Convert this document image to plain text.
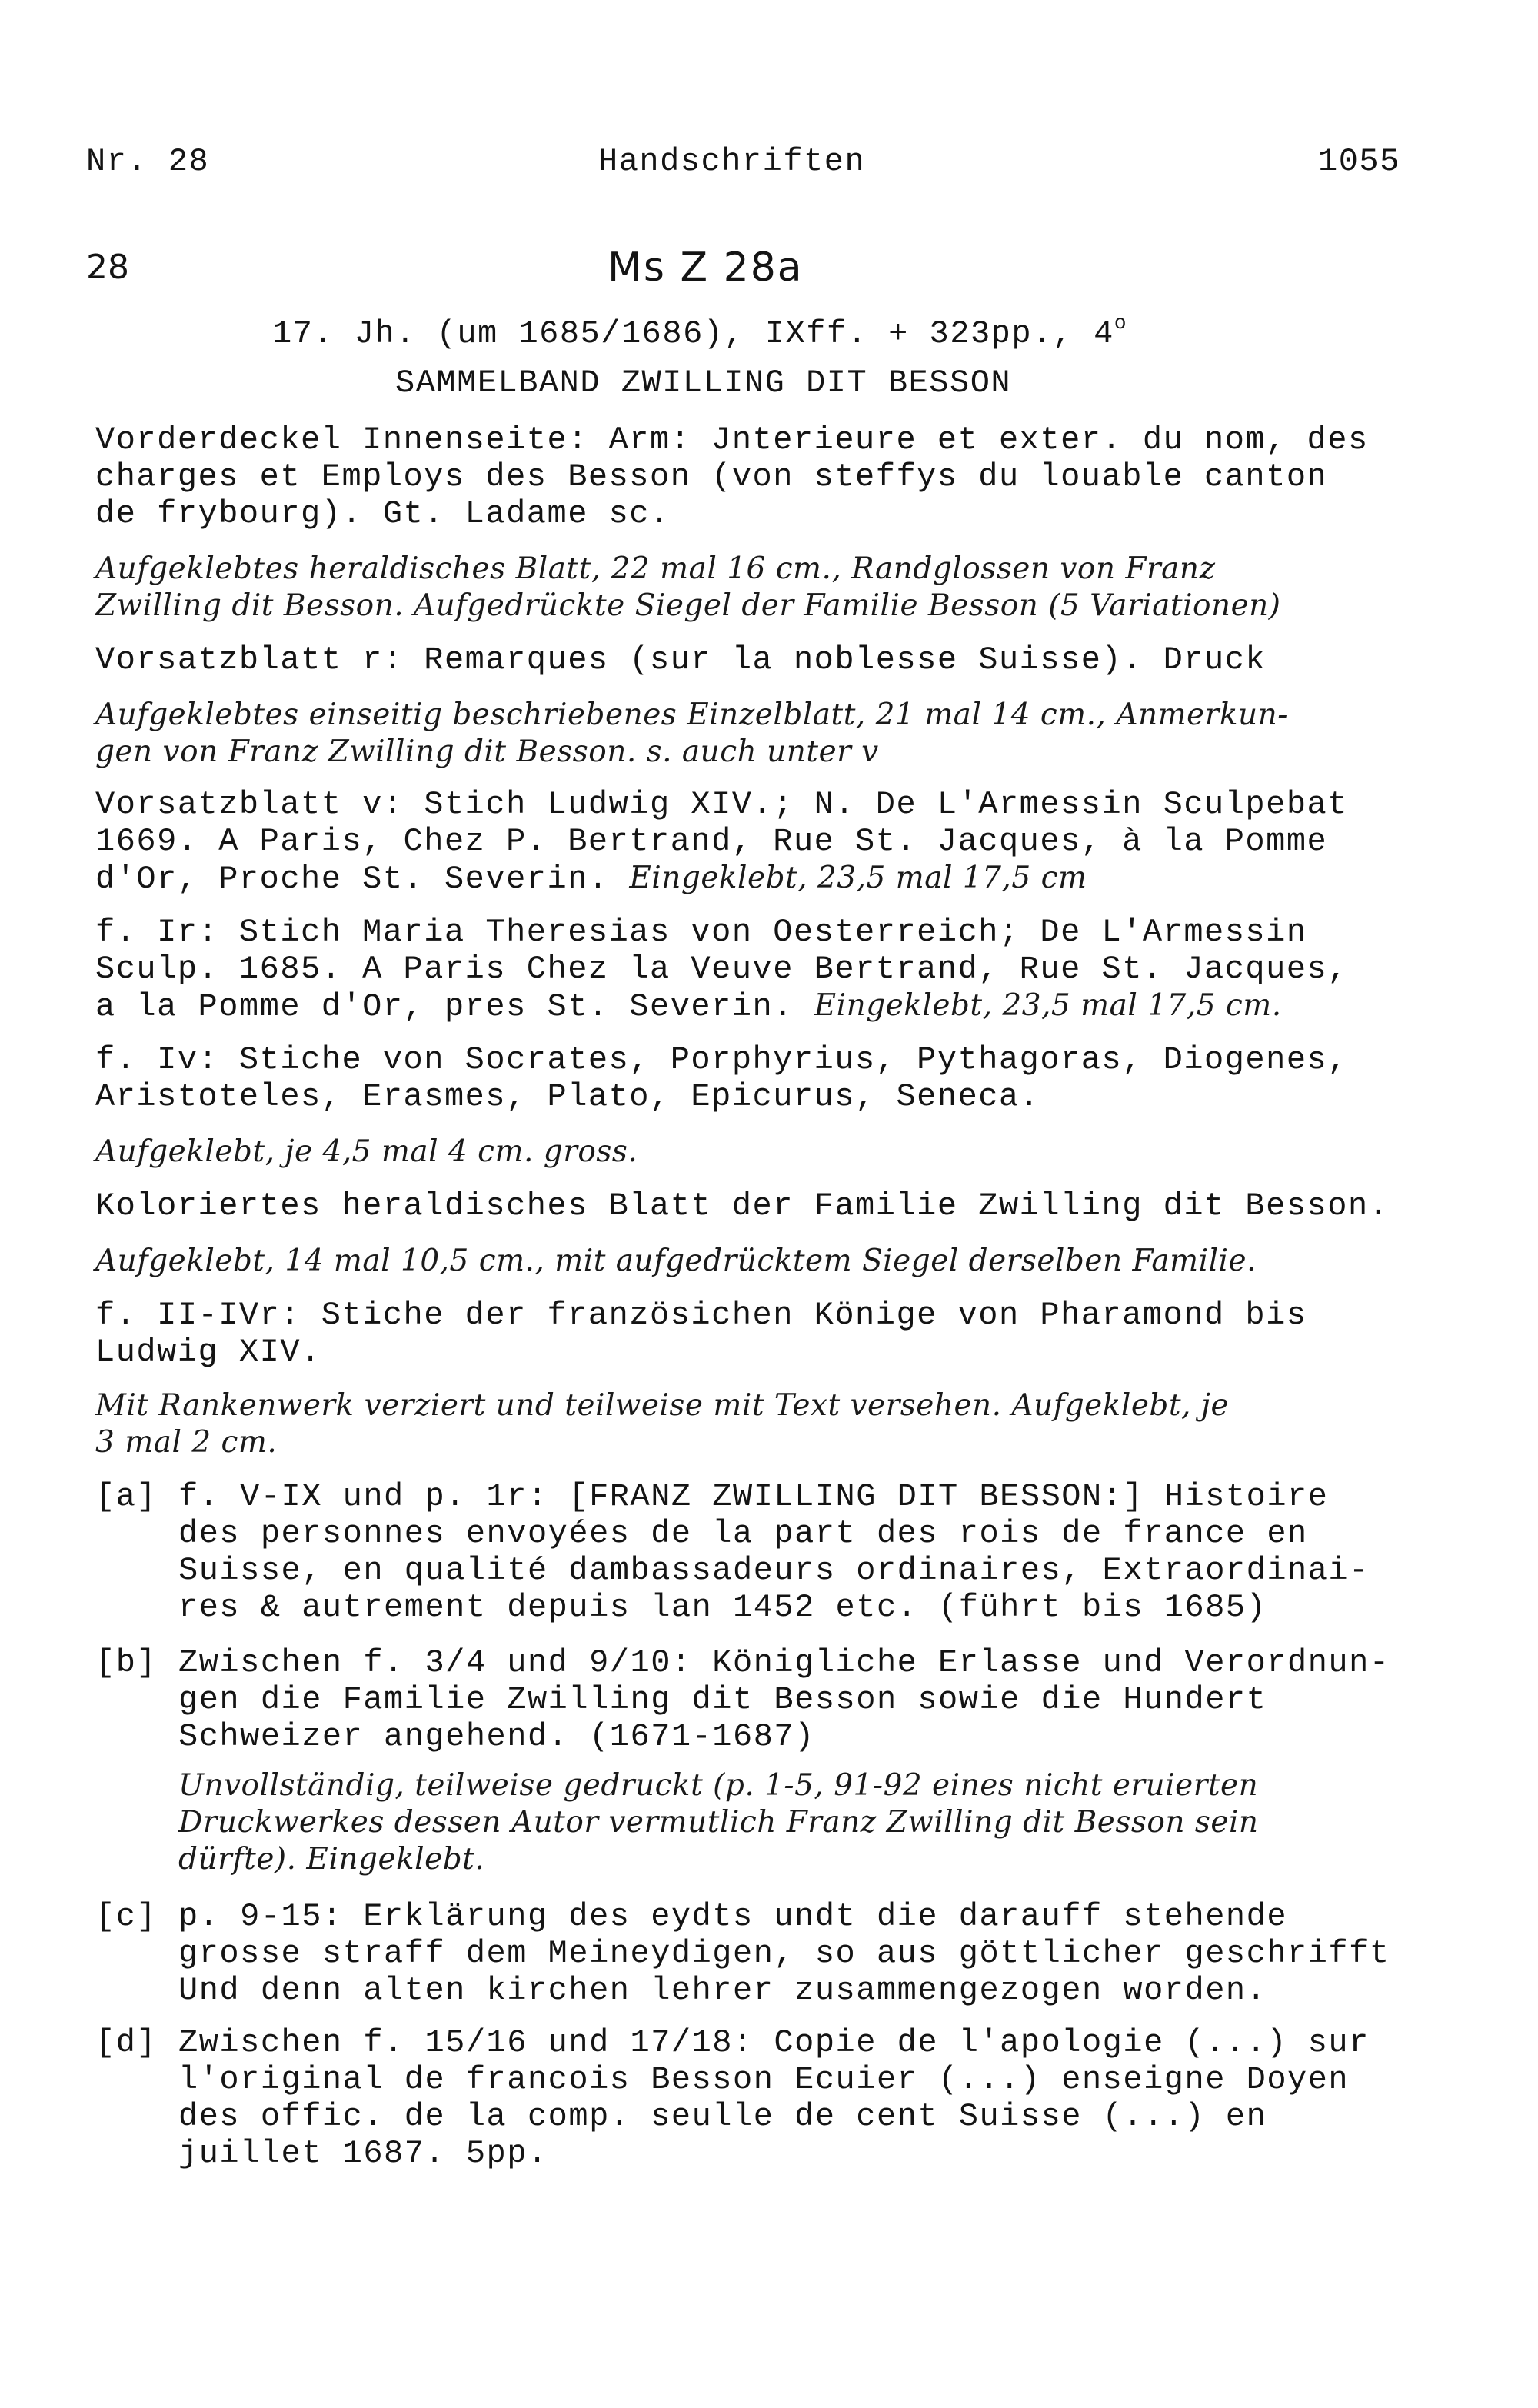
Nr. 28	Handschriften	1055
28	Ms Z 28a
17. Jh. (um 1685/1686), IXff. + 323pp., 4$^o$
SAMMELBAND ZWILLING DIT BESSON
Vorderdeckel Innenseite: Arm: Jnterieure et exter. du nom, des
charges et Employs des Besson (von steffys du louable canton
de frybourg). Gt. Ladame sc.
Aufgeklebtes heraldisches Blatt, 22 mal 16 cm., Randglossen von Franz
Zwilling dit Besson. Aufgedrückte Siegel der Familie Besson (5 Variationen)
Vorsatzblatt r: Remarques (sur la noblesse Suisse). Druck
Aufgeklebtes einseitig beschriebenes Einzelblatt, 21 mal 14 cm., Anmerkun-
gen von Franz Zwilling dit Besson. s. auch unter v
Vorsatzblatt v: Stich Ludwig XIV.; N. De L'Armessin Sculpebat
1669. A Paris, Chez P. Bertrand, Rue St. Jacques, à la Pomme
d'Or, Proche St. Severin. Eingeklebt, 23,5 mal 17,5 cm
f. Ir: Stich Maria Theresias von Oesterreich; De L'Armessin
Sculp. 1685. A Paris Chez la Veuve Bertrand, Rue St. Jacques,
a la Pomme d'Or, pres St. Severin. Eingeklebt, 23,5 mal 17,5 cm.
f. Iv: Stiche von Socrates, Porphyrius, Pythagoras, Diogenes,
Aristoteles, Erasmes, Plato, Epicurus, Seneca.
Aufgeklebt, je 4,5 mal 4 cm. gross.
Koloriertes heraldisches Blatt der Familie Zwilling dit Besson.
Aufgeklebt, 14 mal 10,5 cm., mit aufgedrücktem Siegel derselben Familie.
f. II-IVr: Stiche der französichen Könige von Pharamond bis
Ludwig XIV.
Mit Rankenwerk verziert und teilweise mit Text versehen. Aufgeklebt, je
3 mal 2 cm.
[a] f. V-IX und p. 1r: [FRANZ ZWILLING DIT BESSON:] Histoire
des personnes envoyées de la part des rois de france en
Suisse, en qualité dambassadeurs ordinaires, Extraordinai-
res & autrement depuis lan 1452 etc. (führt bis 1685)
[b] Zwischen f. 3/4 und 9/10: Königliche Erlasse und Verordnun-
gen die Familie Zwilling dit Besson sowie die Hundert
Schweizer angehend. (1671-1687)
Unvollständig, teilweise gedruckt (p. 1-5, 91-92 eines nicht eruierten
Druckwerkes dessen Autor vermutlich Franz Zwilling dit Besson sein
dürfte). Eingeklebt.
[c] p. 9-15: Erklärung des eydts undt die darauff stehende
grosse straff dem Meineydigen, so aus göttlicher geschrifft
Und denn alten kirchen lehrer zusammengezogen worden.
[d] Zwischen f. 15/16 und 17/18: Copie de l'apologie (...) sur
l'original de francois Besson Ecuier (...) enseigne Doyen
des offic. de la comp. seulle de cent Suisse (...) en
juillet 1687. 5pp.
